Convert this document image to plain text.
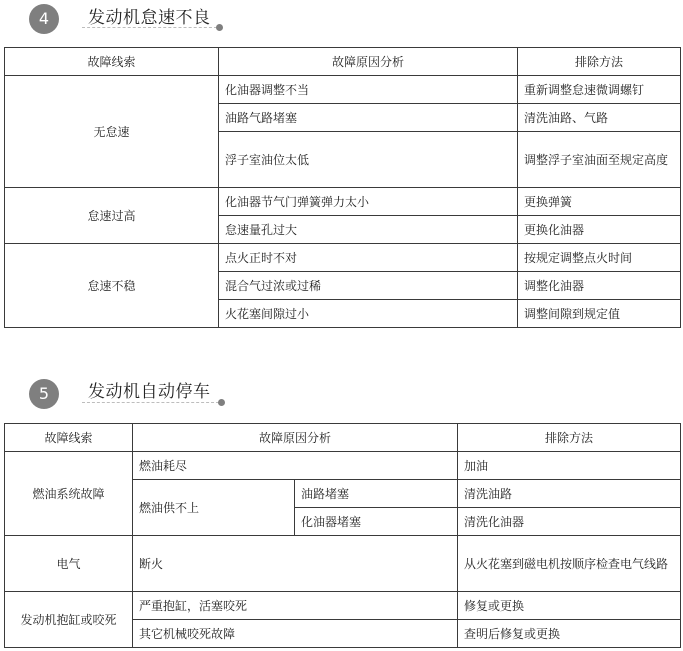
4	发动机怠速不良
故障线索	故障原因分析	排除方法
无怠速	化油器调整不当	重新调整怠速微调螺钉
	油路气路堵塞	清洗油路、气路
	浮子室油位太低	调整浮子室油面至规定高度
怠速过高	化油器节气门弹簧弹力太小	更换弹簧
	怠速量孔过大	更换化油器
怠速不稳	点火正时不对	按规定调整点火时间
	混合气过浓或过稀	调整化油器
	火花塞间隙过小	调整间隙到规定值
5	发动机自动停车
故障线索	故障原因分析		排除方法
燃油系统故障	燃油耗尽		加油
	燃油供不上	油路堵塞	清洗油路
		化油器堵塞	清洗化油器
电气	断火		从火花塞到磁电机按顺序检查电气线路
发动机抱缸或咬死	严重抱缸，活塞咬死		修复或更换
	其它机械咬死故障		查明后修复或更换
